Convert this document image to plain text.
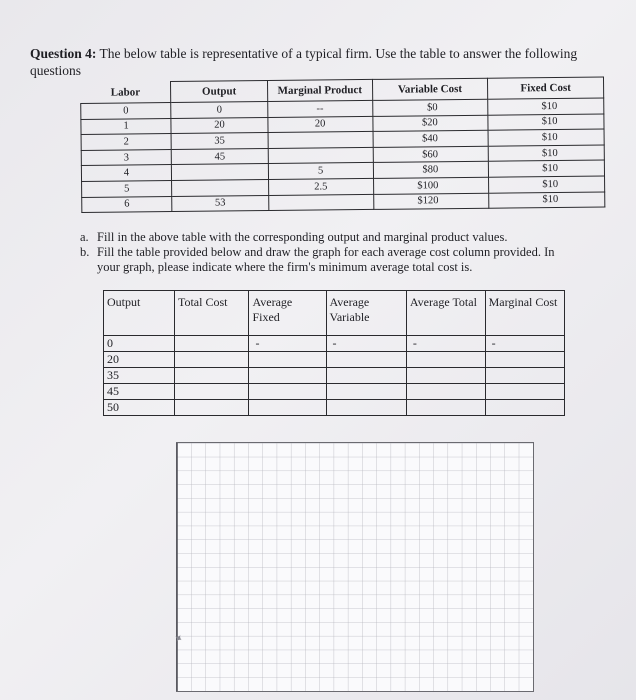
Question 4: The below table is representative of a typical firm. Use the table to answer the following questions
Labor	Output	Marginal Product	Variable Cost	Fixed Cost
0	0	--	$0	$10
1	20	20	$20	$10
2	35		$40	$10
3	45		$60	$10
4		5	$80	$10
5		2.5	$100	$10
6	53		$120	$10
a. Fill in the above table with the corresponding output and marginal product values.
b. Fill the table provided below and draw the graph for each average cost column provided. In your graph, please indicate where the firm's minimum average total cost is.
Output	Total Cost	Average Fixed	Average Variable	Average Total	Marginal Cost
0		-	-	-	-
20					
35					
45					
50					
✦
